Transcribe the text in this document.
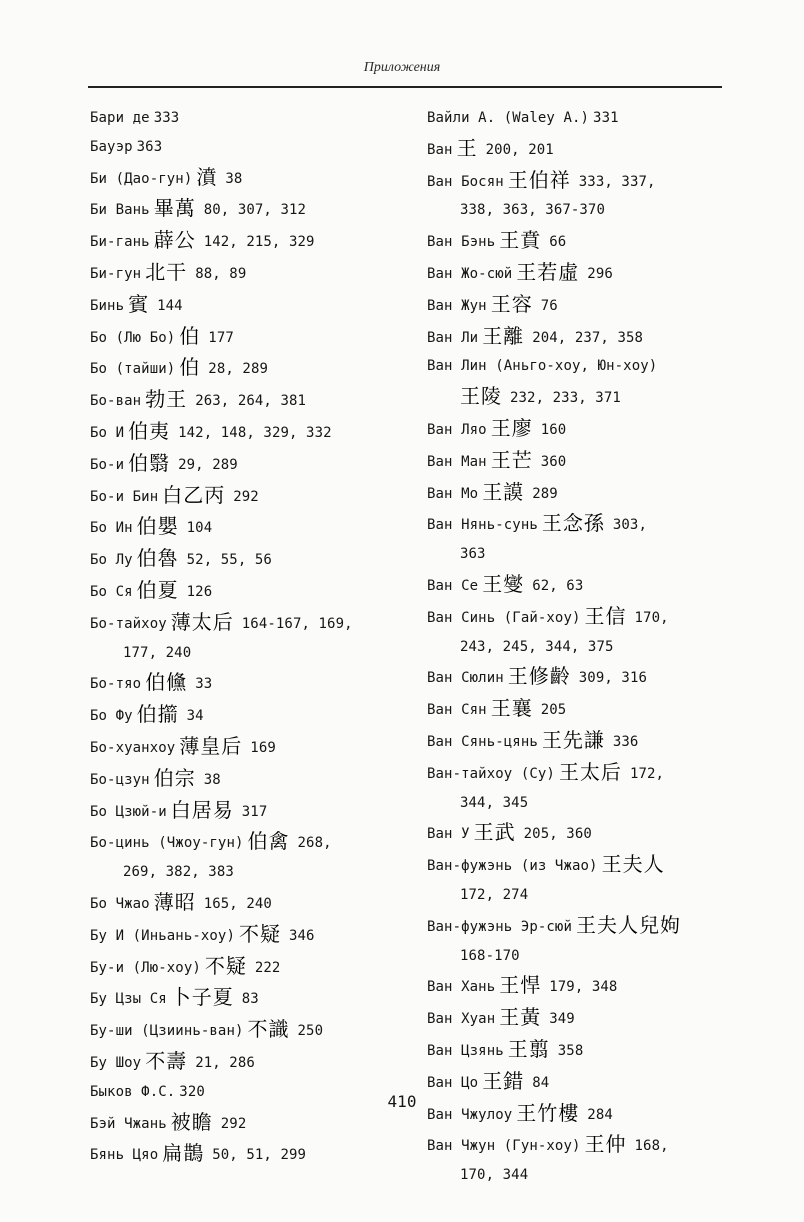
Приложения
Бари де 333
Бауэр 363
Би (Дао-гун) 濆 38
Би Вань 畢萬 80, 307, 312
Би-гань 薜公 142, 215, 329
Би-гун 北干 88, 89
Бинь 賓 144
Бо (Лю Бо) 伯 177
Бо (тайши) 伯 28, 289
Бо-ван 勃王 263, 264, 381
Бо И 伯夷 142, 148, 329, 332
Бо-и 伯翳 29, 289
Бо-и Бин 白乙丙 292
Бо Ин 伯嬰 104
Бо Лу 伯魯 52, 55, 56
Бо Ся 伯夏 126
Бо-тайхоу 薄太后 164-167, 169,
177, 240
Бо-тяо 伯儵 33
Бо Фу 伯擶 34
Бо-хуанхоу 薄皇后 169
Бо-цзун 伯宗 38
Бо Цзюй-и 白居易 317
Бо-цинь (Чжоу-гун) 伯禽 268,
269, 382, 383
Бо Чжао 薄昭 165, 240
Бу И (Иньань-хоу) 不疑 346
Бу-и (Лю-хоу) 不疑 222
Бу Цзы Ся 卜子夏 83
Бу-ши (Цзиинь-ван) 不識 250
Бу Шоу 不壽 21, 286
Быков Ф.С. 320
Бэй Чжань 被瞻 292
Бянь Цяо 扁鵲 50, 51, 299
Вайли А. (Waley A.) 331
Ван 王 200, 201
Ван Босян 王伯祥 333, 337,
338, 363, 367-370
Ван Бэнь 王賁 66
Ван Жо-сюй 王若虛 296
Ван Жун 王容 76
Ван Ли 王離 204, 237, 358
Ван Лин (Аньго-хоу, Юн-хоу)
王陵 232, 233, 371
Ван Ляо 王廖 160
Ван Ман 王芒 360
Ван Мо 王謨 289
Ван Нянь-сунь 王念孫 303,
363
Ван Се 王燮 62, 63
Ван Синь (Гай-хоу) 王信 170,
243, 245, 344, 375
Ван Сюлин 王修齡 309, 316
Ван Сян 王襄 205
Ван Сянь-цянь 王先謙 336
Ван-тайхоу (Су) 王太后 172,
344, 345
Ван У 王武 205, 360
Ван-фужэнь (из Чжао) 王夫人
172, 274
Ван-фужэнь Эр-сюй 王夫人兒姁
168-170
Ван Хань 王悍 179, 348
Ван Хуан 王黃 349
Ван Цзянь 王翦 358
Ван Цо 王錯 84
Ван Чжулоу 王竹樓 284
Ван Чжун (Гун-хоу) 王仲 168,
170, 344
410
